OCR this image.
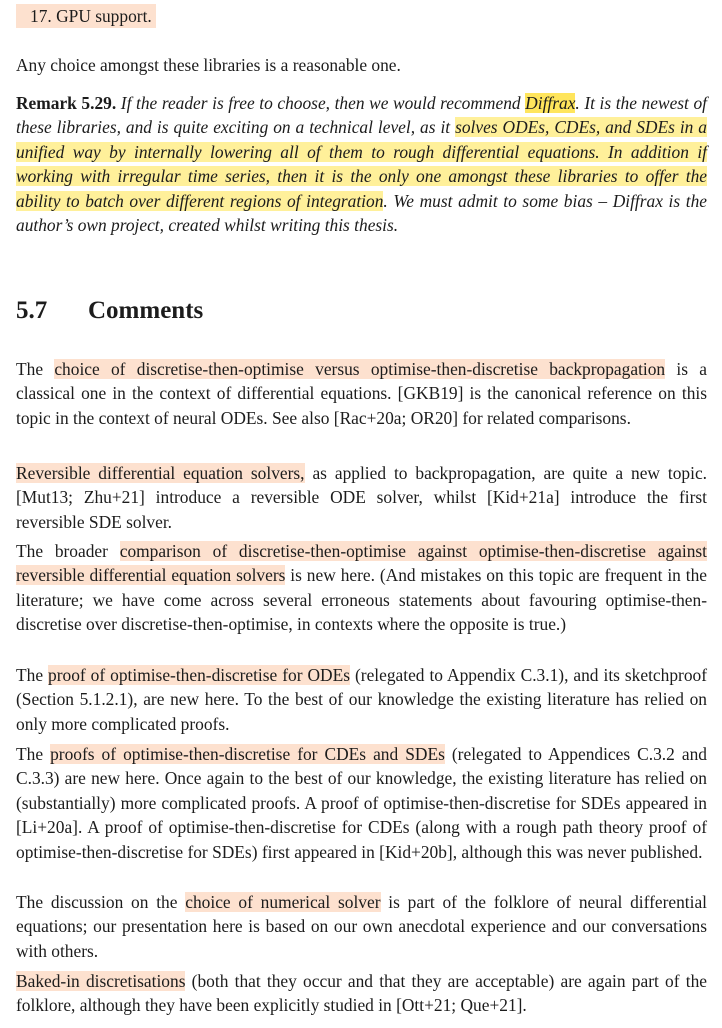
17. GPU support.

Any choice amongst these libraries is a reasonable one.

Remark 5.29. If the reader is free to choose, then we would recommend Diffrax. It is the newest of these libraries, and is quite exciting on a technical level, as it solves ODEs, CDEs, and SDEs in a unified way by internally lowering all of them to rough differential equations. In addition if working with irregular time series, then it is the only one amongst these libraries to offer the ability to batch over different regions of integration. We must admit to some bias – Diffrax is the author’s own project, created whilst writing this thesis.

5.7 Comments

The choice of discretise-then-optimise versus optimise-then-discretise backpropagation is a classical one in the context of differential equations. [GKB19] is the canonical reference on this topic in the context of neural ODEs. See also [Rac+20a; OR20] for related comparisons.

Reversible differential equation solvers, as applied to backpropagation, are quite a new topic. [Mut13; Zhu+21] introduce a reversible ODE solver, whilst [Kid+21a] introduce the first reversible SDE solver.

The broader comparison of discretise-then-optimise against optimise-then-discretise against reversible differential equation solvers is new here. (And mistakes on this topic are frequent in the literature; we have come across several erroneous statements about favouring optimise-then-discretise over discretise-then-optimise, in contexts where the opposite is true.)

The proof of optimise-then-discretise for ODEs (relegated to Appendix C.3.1), and its sketchproof (Section 5.1.2.1), are new here. To the best of our knowledge the existing literature has relied on only more complicated proofs.

The proofs of optimise-then-discretise for CDEs and SDEs (relegated to Appendices C.3.2 and C.3.3) are new here. Once again to the best of our knowledge, the existing literature has relied on (substantially) more complicated proofs. A proof of optimise-then-discretise for SDEs appeared in [Li+20a]. A proof of optimise-then-discretise for CDEs (along with a rough path theory proof of optimise-then-discretise for SDEs) first appeared in [Kid+20b], although this was never published.

The discussion on the choice of numerical solver is part of the folklore of neural differential equations; our presentation here is based on our own anecdotal experience and our conversations with others.

Baked-in discretisations (both that they occur and that they are acceptable) are again part of the folklore, although they have been explicitly studied in [Ott+21; Que+21].
